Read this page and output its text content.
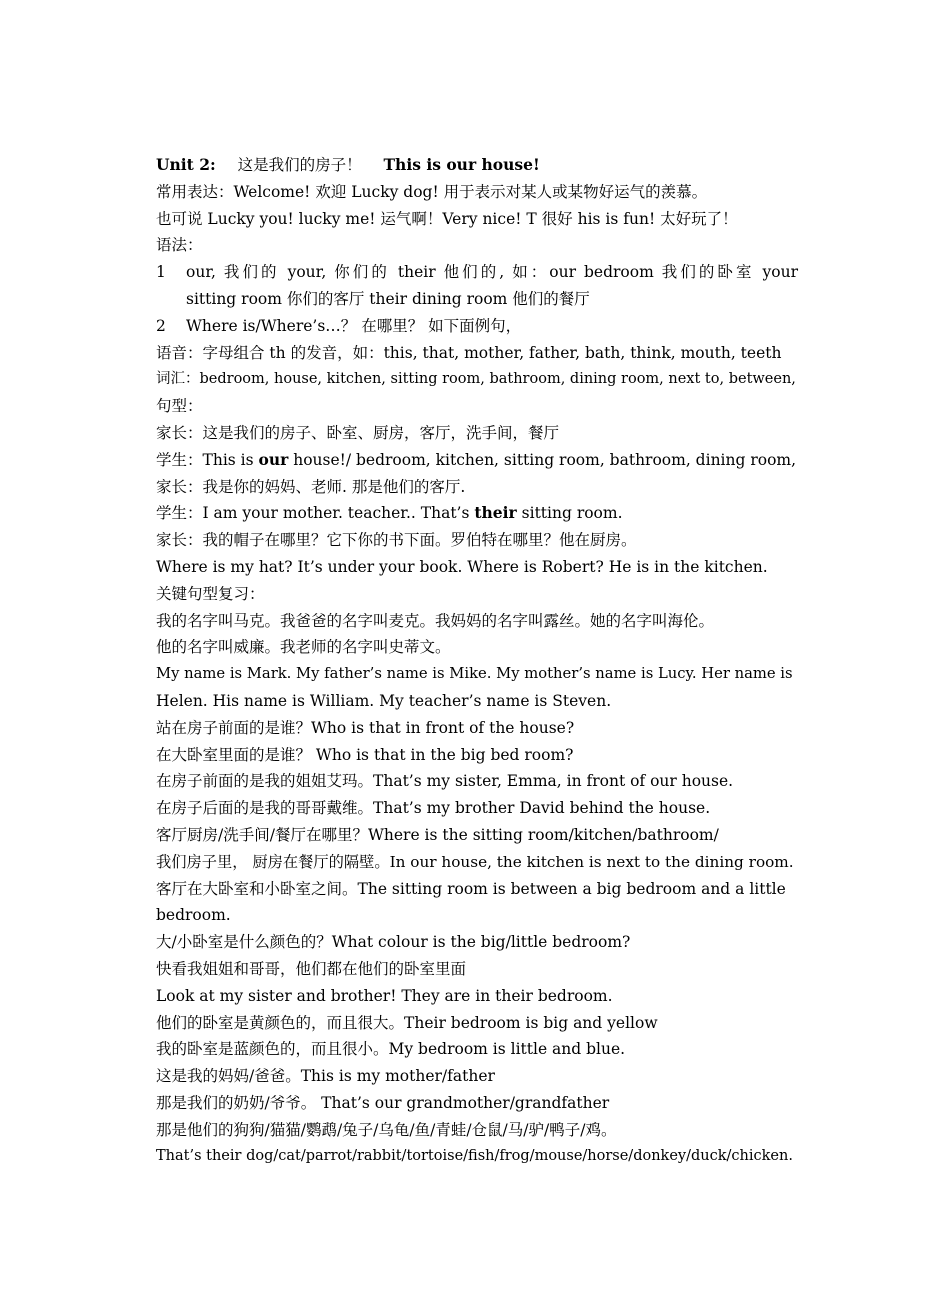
Unit 2: 这是我们的房子！ This is our house!
常用表达：Welcome! 欢迎 Lucky dog! 用于表示对某人或某物好运气的羡慕。
也可说 Lucky you! lucky me! 运气啊！Very nice! T 很好 his is fun! 太好玩了！
语法：
1	our, 我们的 your, 你们的 their 他们的, 如：our bedroom 我们的卧室 your
sitting room 你们的客厅 their dining room 他们的餐厅
2	Where is/Where’s…？ 在哪里？ 如下面例句，
语音：字母组合 th 的发音，如：this, that, mother, father, bath, think, mouth, teeth
词汇：bedroom, house, kitchen, sitting room, bathroom, dining room, next to, between,
句型：
家长：这是我们的房子、卧室、厨房，客厅，洗手间，餐厅
学生：This is our house!/ bedroom, kitchen, sitting room, bathroom, dining room,
家长：我是你的妈妈、老师. 那是他们的客厅.
学生：I am your mother. teacher.. That’s their sitting room.
家长：我的帽子在哪里？它下你的书下面。罗伯特在哪里？他在厨房。
Where is my hat? It’s under your book. Where is Robert? He is in the kitchen.
关键句型复习：
我的名字叫马克。我爸爸的名字叫麦克。我妈妈的名字叫露丝。她的名字叫海伦。
他的名字叫威廉。我老师的名字叫史蒂文。
My name is Mark. My father’s name is Mike. My mother’s name is Lucy. Her name is
Helen. His name is William. My teacher’s name is Steven.
站在房子前面的是谁？Who is that in front of the house?
在大卧室里面的是谁？ Who is that in the big bed room?
在房子前面的是我的姐姐艾玛。That’s my sister, Emma, in front of our house.
在房子后面的是我的哥哥戴维。That’s my brother David behind the house.
客厅厨房/洗手间/餐厅在哪里？Where is the sitting room/kitchen/bathroom/
我们房子里， 厨房在餐厅的隔壁。In our house, the kitchen is next to the dining room.
客厅在大卧室和小卧室之间。The sitting room is between a big bedroom and a little
bedroom.
大/小卧室是什么颜色的？What colour is the big/little bedroom?
快看我姐姐和哥哥，他们都在他们的卧室里面
Look at my sister and brother! They are in their bedroom.
他们的卧室是黄颜色的，而且很大。Their bedroom is big and yellow
我的卧室是蓝颜色的，而且很小。My bedroom is little and blue.
这是我的妈妈/爸爸。This is my mother/father
那是我们的奶奶/爷爷。 That’s our grandmother/grandfather
那是他们的狗狗/猫猫/鹦鹉/兔子/乌龟/鱼/青蛙/仓鼠/马/驴/鸭子/鸡。
That’s their dog/cat/parrot/rabbit/tortoise/fish/frog/mouse/horse/donkey/duck/chicken.
